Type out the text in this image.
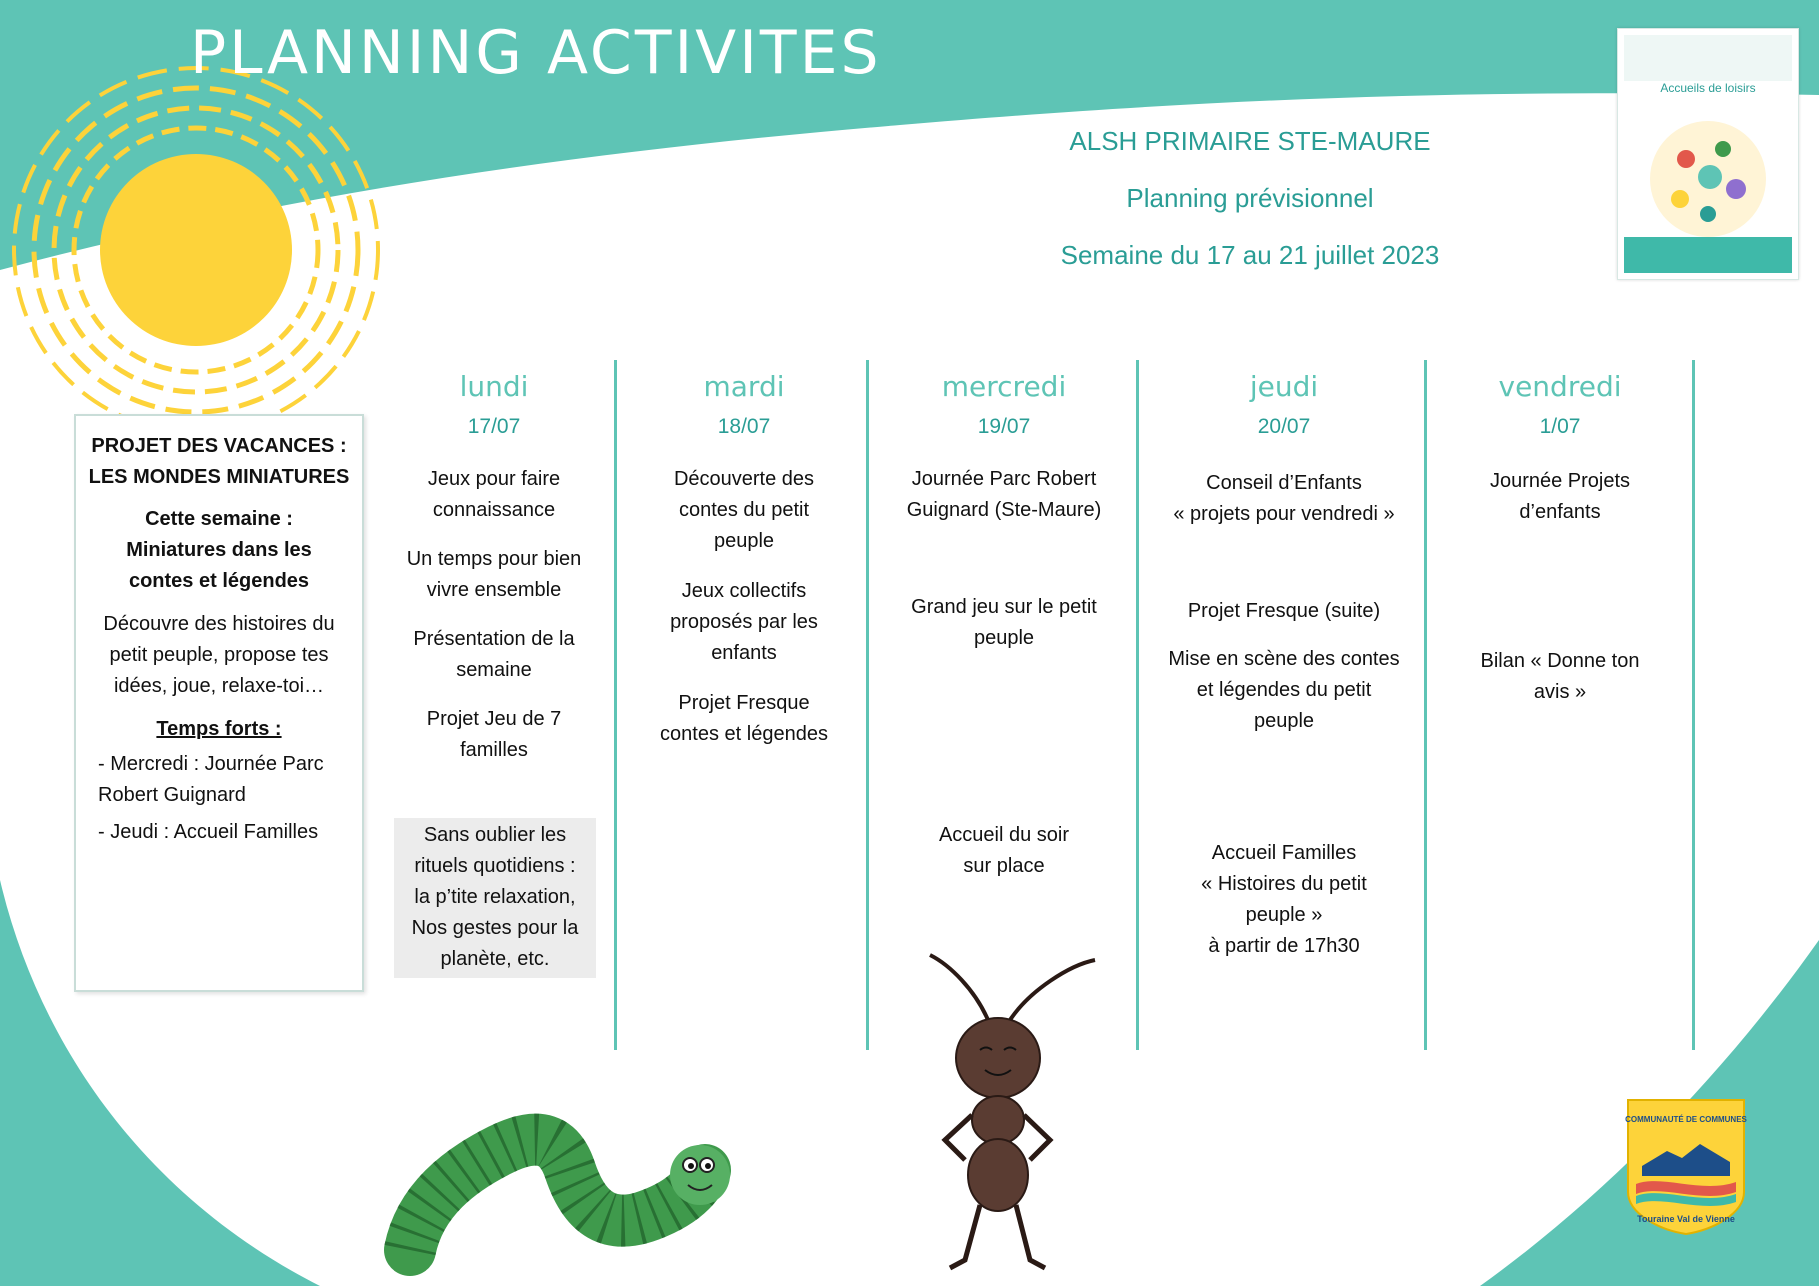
PLANNING ACTIVITES

ALSH PRIMAIRE STE-MAURE

Planning prévisionnel

Semaine du 17 au 21 juillet 2023

Accueils de loisirs

PROJET DES VACANCES :

LES MONDES MINIATURES

Cette semaine :

Miniatures dans les

contes et légendes

Découvre des histoires du

petit peuple, propose tes

idées, joue, relaxe-toi…

Temps forts :

- Mercredi : Journée Parc

Robert Guignard

- Jeudi : Accueil Familles

lundi

17/07

Jeux pour faire
connaissance
Un temps pour bien
vivre ensemble
Présentation de la
semaine
Projet Jeu de 7
familles
Sans oublier les
rituels quotidiens :
la p’tite relaxation,
Nos gestes pour la
planète, etc.

mardi

18/07

Découverte des
contes du petit
peuple
Jeux collectifs
proposés par les
enfants
Projet Fresque
contes et légendes

mercredi

19/07

Journée Parc Robert
Guignard (Ste-Maure)
Grand jeu sur le petit
peuple
Accueil du soir
sur place

jeudi

20/07

Conseil d’Enfants
« projets pour vendredi »
Projet Fresque (suite)
Mise en scène des contes
et légendes du petit
peuple
Accueil Familles
« Histoires du petit
peuple »
à partir de 17h30

vendredi

1/07

Journée Projets
d’enfants
Bilan « Donne ton
avis »
COMMUNAUTÉ DE COMMUNES
Touraine Val de Vienne
